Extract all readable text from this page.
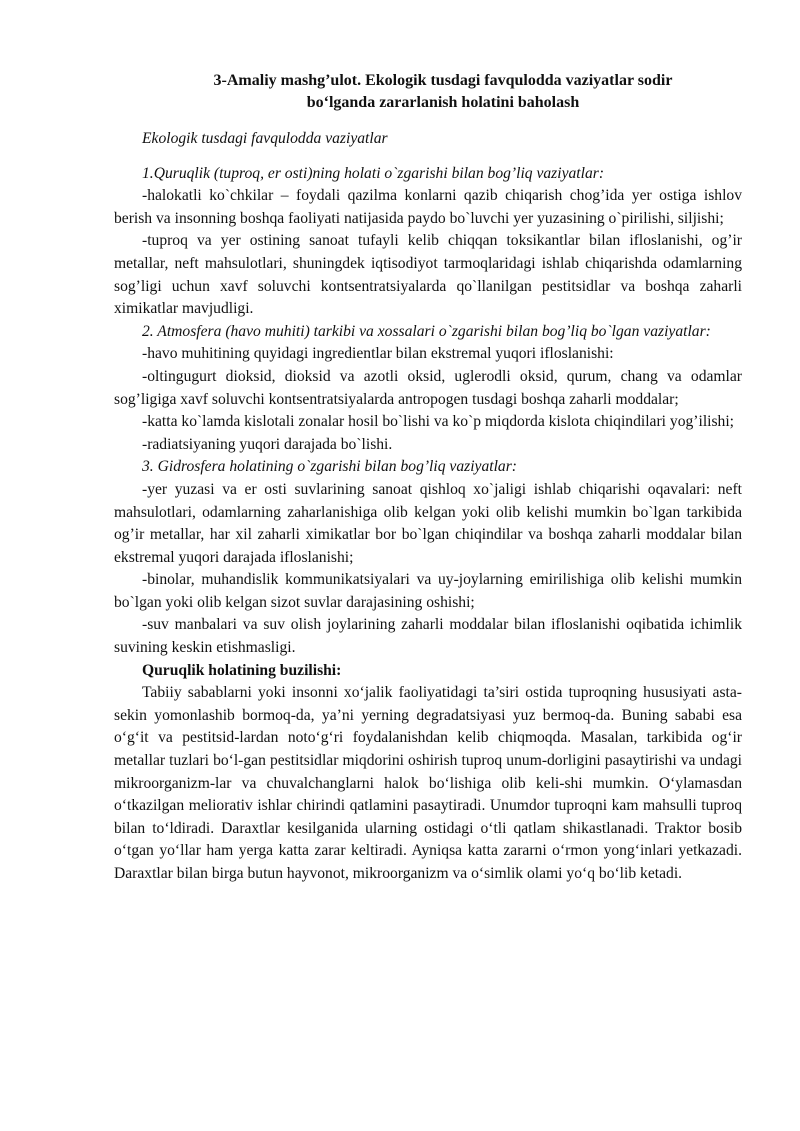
3-Amaliy mashg’ulot. Ekologik tusdagi favqulodda vaziyatlar sodir
bo‘lganda zararlanish holatini baholash

Ekologik tusdagi favqulodda vaziyatlar

1.Quruqlik (tuproq, er osti)ning holati o`zgarishi bilan bog’liq vaziyatlar:

-halokatli ko`chkilar – foydali qazilma konlarni qazib chiqarish chog’ida yer ostiga ishlov berish va insonning boshqa faoliyati natijasida paydo bo`luvchi yer yuzasining o`pirilishi, siljishi;

-tuproq va yer ostining sanoat tufayli kelib chiqqan toksikantlar bilan ifloslanishi, og’ir metallar, neft mahsulotlari, shuningdek iqtisodiyot tarmoqlaridagi ishlab chiqarishda odamlarning sog’ligi uchun xavf soluvchi kontsentratsiyalarda qo`llanilgan pestitsidlar va boshqa zaharli ximikatlar mavjudligi.

2. Atmosfera (havo muhiti) tarkibi va xossalari o`zgarishi bilan bog’liq bo`lgan vaziyatlar:

-havo muhitining quyidagi ingredientlar bilan ekstremal yuqori ifloslanishi:

-oltingugurt dioksid, dioksid va azotli oksid, uglerodli oksid, qurum, chang va odamlar sog’ligiga xavf soluvchi kontsentratsiyalarda antropogen tusdagi boshqa zaharli moddalar;

-katta ko`lamda kislotali zonalar hosil bo`lishi va ko`p miqdorda kislota chiqindilari yog’ilishi;

-radiatsiyaning yuqori darajada bo`lishi.

3. Gidrosfera holatining o`zgarishi bilan bog’liq vaziyatlar:

-yer yuzasi va er osti suvlarining sanoat qishloq xo`jaligi ishlab chiqarishi oqavalari: neft mahsulotlari, odamlarning zaharlanishiga olib kelgan yoki olib kelishi mumkin bo`lgan tarkibida og’ir metallar, har xil zaharli ximikatlar bor bo`lgan chiqindilar va boshqa zaharli moddalar bilan ekstremal yuqori darajada ifloslanishi;

-binolar, muhandislik kommunikatsiyalari va uy-joylarning emirilishiga olib kelishi mumkin bo`lgan yoki olib kelgan sizot suvlar darajasining oshishi;

-suv manbalari va suv olish joylarining zaharli moddalar bilan ifloslanishi oqibatida ichimlik suvining keskin etishmasligi.

Quruqlik holatining buzilishi:

Tabiiy sabablarni yoki insonni xo‘jalik faoliyatidagi ta’siri ostida tuproqning hususiyati asta-sekin yomonlashib bormoq-da, ya’ni yerning degradatsiyasi yuz bermoq-da. Buning sababi esa o‘g‘it va pestitsid-lardan noto‘g‘ri foydalanishdan kelib chiqmoqda. Masalan, tarkibida og‘ir metallar tuzlari bo‘l-gan pestitsidlar miqdorini oshirish tuproq unum-dorligini pasaytirishi va undagi mikroorganizm-lar va chuvalchanglarni halok bo‘lishiga olib keli-shi mumkin. O‘ylamasdan o‘tkazilgan meliorativ ishlar chirindi qatlamini pasaytiradi. Unumdor tuproqni kam mahsulli tuproq bilan to‘ldiradi. Daraxtlar kesilganida ularning ostidagi o‘tli qatlam shikastlanadi. Traktor bosib o‘tgan yo‘llar ham yerga katta zarar keltiradi. Ayniqsa katta zararni o‘rmon yong‘inlari yetkazadi. Daraxtlar bilan birga butun hayvonot, mikroorganizm va o‘simlik olami yo‘q bo‘lib ketadi.
